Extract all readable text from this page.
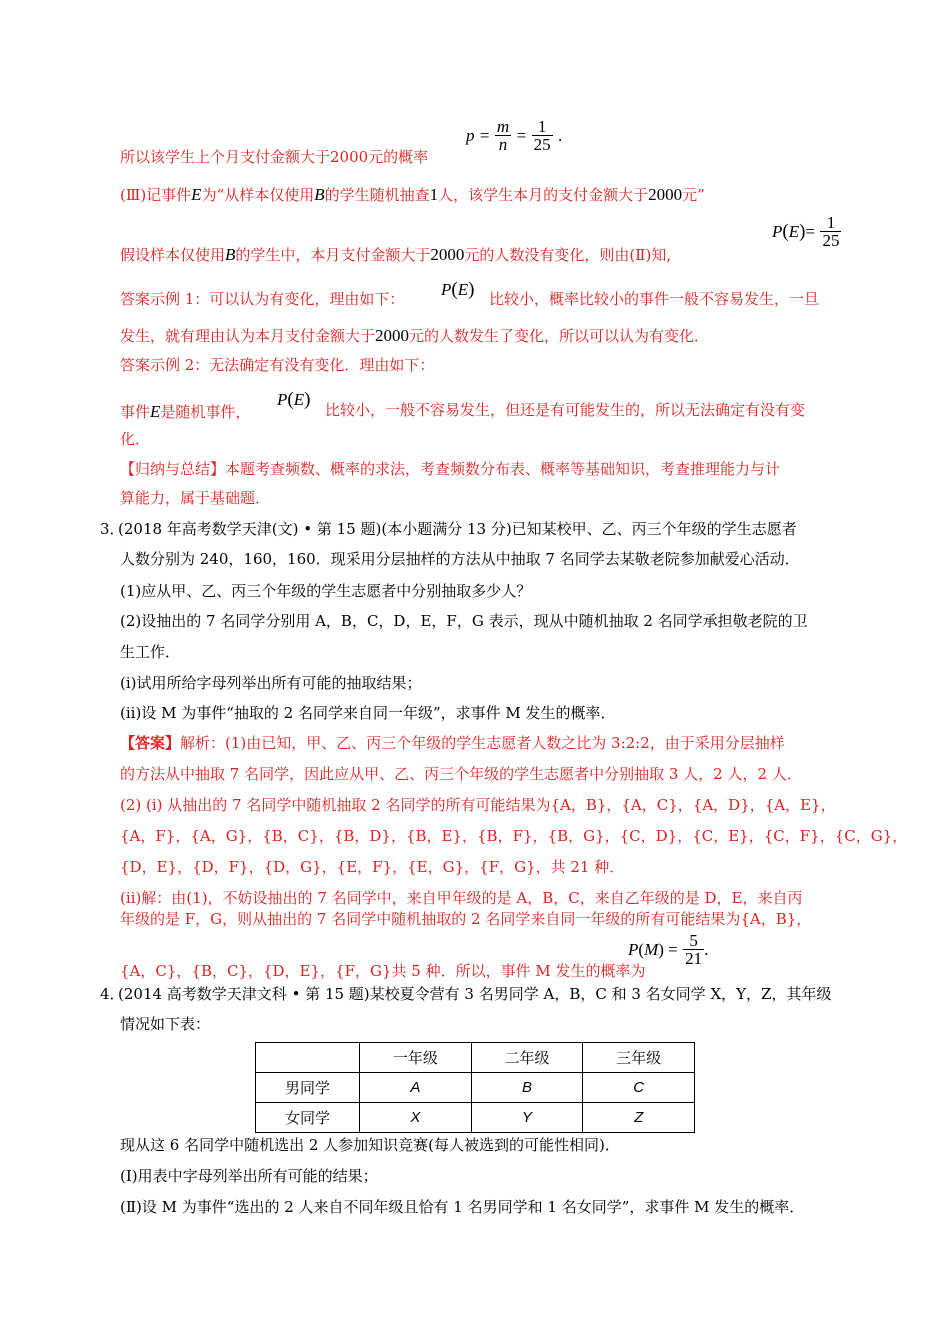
所以该学生上个月支付金额大于2000元的概率
$p = \frac{m}{n} = \frac{1}{25}$ .
(Ⅲ)记事件E为“从样本仅使用B的学生随机抽查1人，该学生本月的支付金额大于2000元”
假设样本仅使用B的学生中，本月支付金额大于2000元的人数没有变化，则由(Ⅱ)知,
$P(E)= \frac{1}{25}$
答案示例 1：可以认为有变化，理由如下： P(E) 比较小，概率比较小的事件一般不容易发生，一旦
发生，就有理由认为本月支付金额大于2000元的人数发生了变化，所以可以认为有变化．
答案示例 2：无法确定有没有变化．理由如下：
事件E是随机事件，
P(E) 比较小，一般不容易发生，但还是有可能发生的，所以无法确定有没有变
化．
【归纳与总结】本题考查频数、概率的求法，考查频数分布表、概率等基础知识，考查推理能力与计
算能力，属于基础题．
3．
(2018 年高考数学天津(文) • 第 15 题)(本小题满分 13 分)已知某校甲、乙、丙三个年级的学生志愿者
人数分别为 240，160，160．现采用分层抽样的方法从中抽取 7 名同学去某敬老院参加献爱心活动．
(1)应从甲、乙、丙三个年级的学生志愿者中分别抽取多少人？
(2)设抽出的 7 名同学分别用 A，B，C，D，E，F，G 表示，现从中随机抽取 2 名同学承担敬老院的卫
生工作．
(i)试用所给字母列举出所有可能的抽取结果；
(ii)设 M 为事件“抽取的 2 名同学来自同一年级”，求事件 M 发生的概率．
【答案】解析：(1)由已知，甲、乙、丙三个年级的学生志愿者人数之比为 3:2:2，由于采用分层抽样
的方法从中抽取 7 名同学，因此应从甲、乙、丙三个年级的学生志愿者中分别抽取 3 人，2 人，2 人．
(2) (i) 从抽出的 7 名同学中随机抽取 2 名同学的所有可能结果为{A，B}，{A，C}，{A，D}，{A，E}，
{A，F}，{A，G}，{B，C}，{B，D}，{B，E}，{B，F}，{B，G}，{C，D}，{C，E}，{C，F}，{C，G}，
{D，E}，{D，F}，{D，G}，{E，F}，{E，G}，{F，G}，共 21 种．
(ii)解：由(1)，不妨设抽出的 7 名同学中，来自甲年级的是 A，B，C，来自乙年级的是 D，E，来自丙
年级的是 F，G，则从抽出的 7 名同学中随机抽取的 2 名同学来自同一年级的所有可能结果为{A，B}，
{A，C}，{B，C}，{D，E}，{F，G}共 5 种．所以，事件 M 发生的概率为
$P(M) = \frac{5}{21}$ .
4．
(2014 高考数学天津文科 • 第 15 题)某校夏令营有 3 名男同学 A，B，C 和 3 名女同学 X，Y，Z，其年级
情况如下表：
	一年级	二年级	三年级
男同学	A	B	C
女同学	X	Y	Z
现从这 6 名同学中随机选出 2 人参加知识竞赛(每人被选到的可能性相同)．
(Ⅰ)用表中字母列举出所有可能的结果；
(Ⅱ)设 M 为事件“选出的 2 人来自不同年级且恰有 1 名男同学和 1 名女同学”，求事件 M 发生的概率．
